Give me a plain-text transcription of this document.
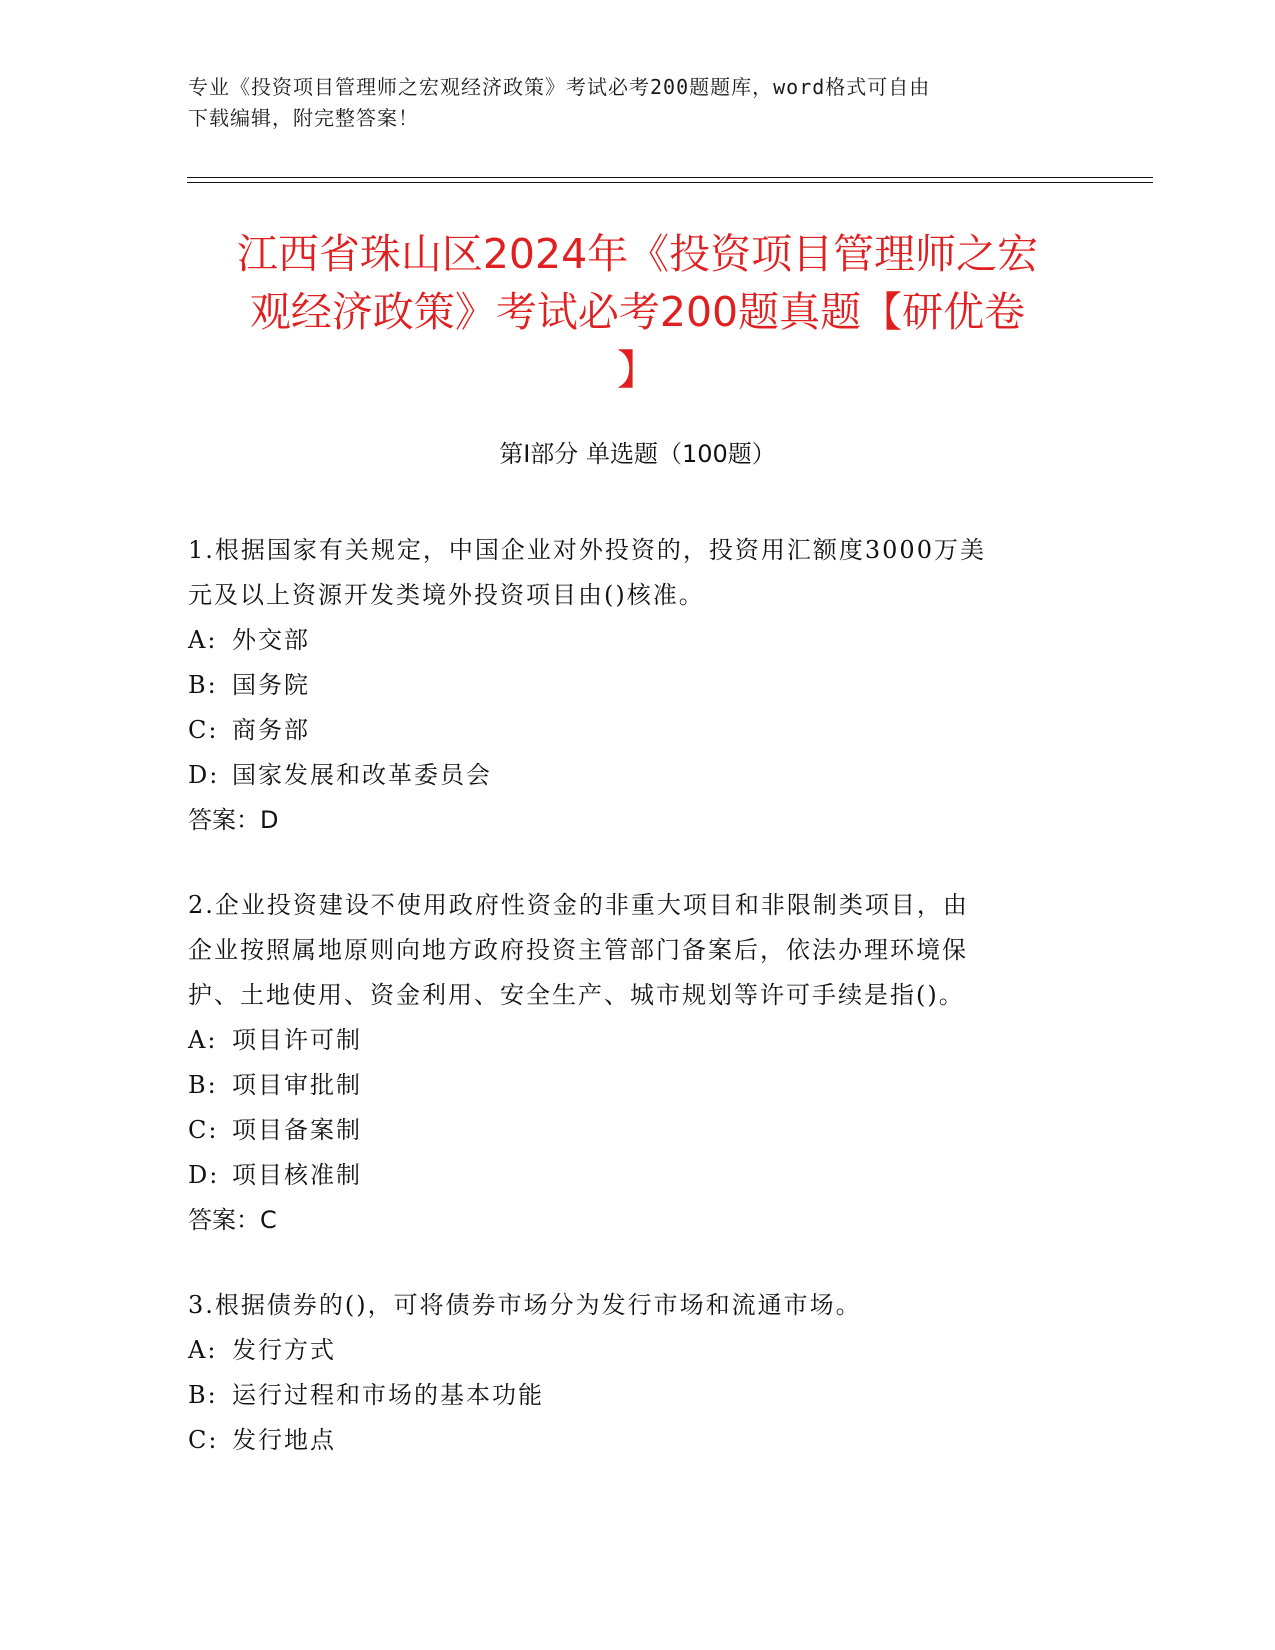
专业《投资项目管理师之宏观经济政策》考试必考200题题库，word格式可自由
下载编辑，附完整答案！
江西省珠山区2024年《投资项目管理师之宏
观经济政策》考试必考200题真题【研优卷
】
第Ⅰ部分 单选题（100题）

1.根据国家有关规定，中国企业对外投资的，投资用汇额度3000万美

元及以上资源开发类境外投资项目由()核准。

A: 外交部

B: 国务院

C: 商务部

D: 国家发展和改革委员会

答案：D

2.企业投资建设不使用政府性资金的非重大项目和非限制类项目，由

企业按照属地原则向地方政府投资主管部门备案后，依法办理环境保

护、土地使用、资金利用、安全生产、城市规划等许可手续是指()。

A: 项目许可制

B: 项目审批制

C: 项目备案制

D: 项目核准制

答案：C

3.根据债券的()，可将债券市场分为发行市场和流通市场。

A: 发行方式

B: 运行过程和市场的基本功能

C: 发行地点
